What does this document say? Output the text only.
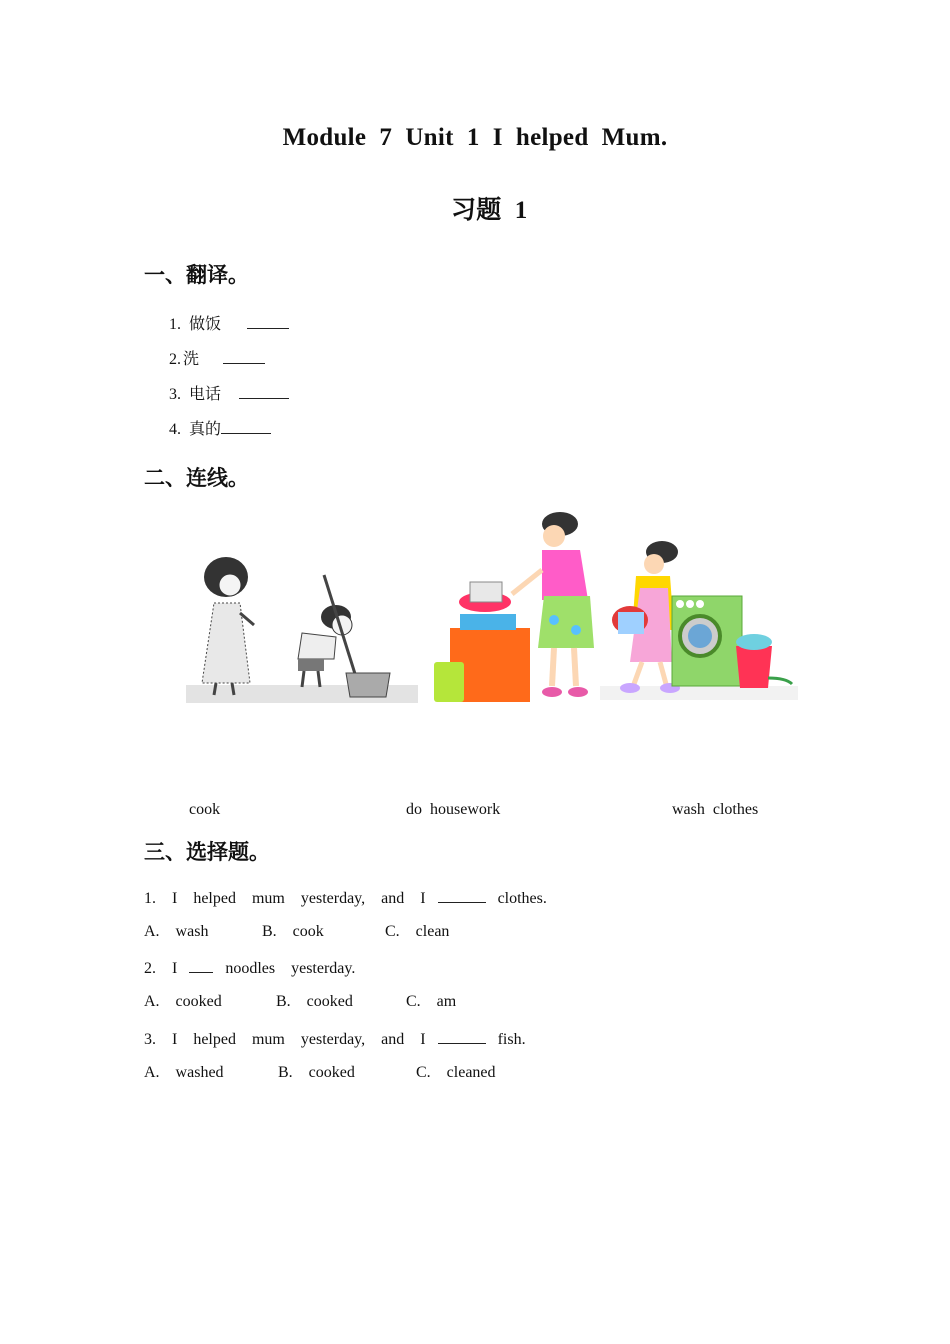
Module  7  Unit  1  I  helped  Mum.
习题  1
一、翻译。
1. 做饭
2. 洗
3. 电话
4. 真的
二、连线。
cook	do  housework	wash  clothes
三、选择题。
1.  I  helped  mum  yesterday,  and  I	clothes.
A.  wash	B.  cook	C.  clean
2.  I	noodles  yesterday.
A.  cooked	B.  cooked	C.  am
3.  I  helped  mum  yesterday,  and  I	fish.
A.  washed	B.  cooked	C.  cleaned
